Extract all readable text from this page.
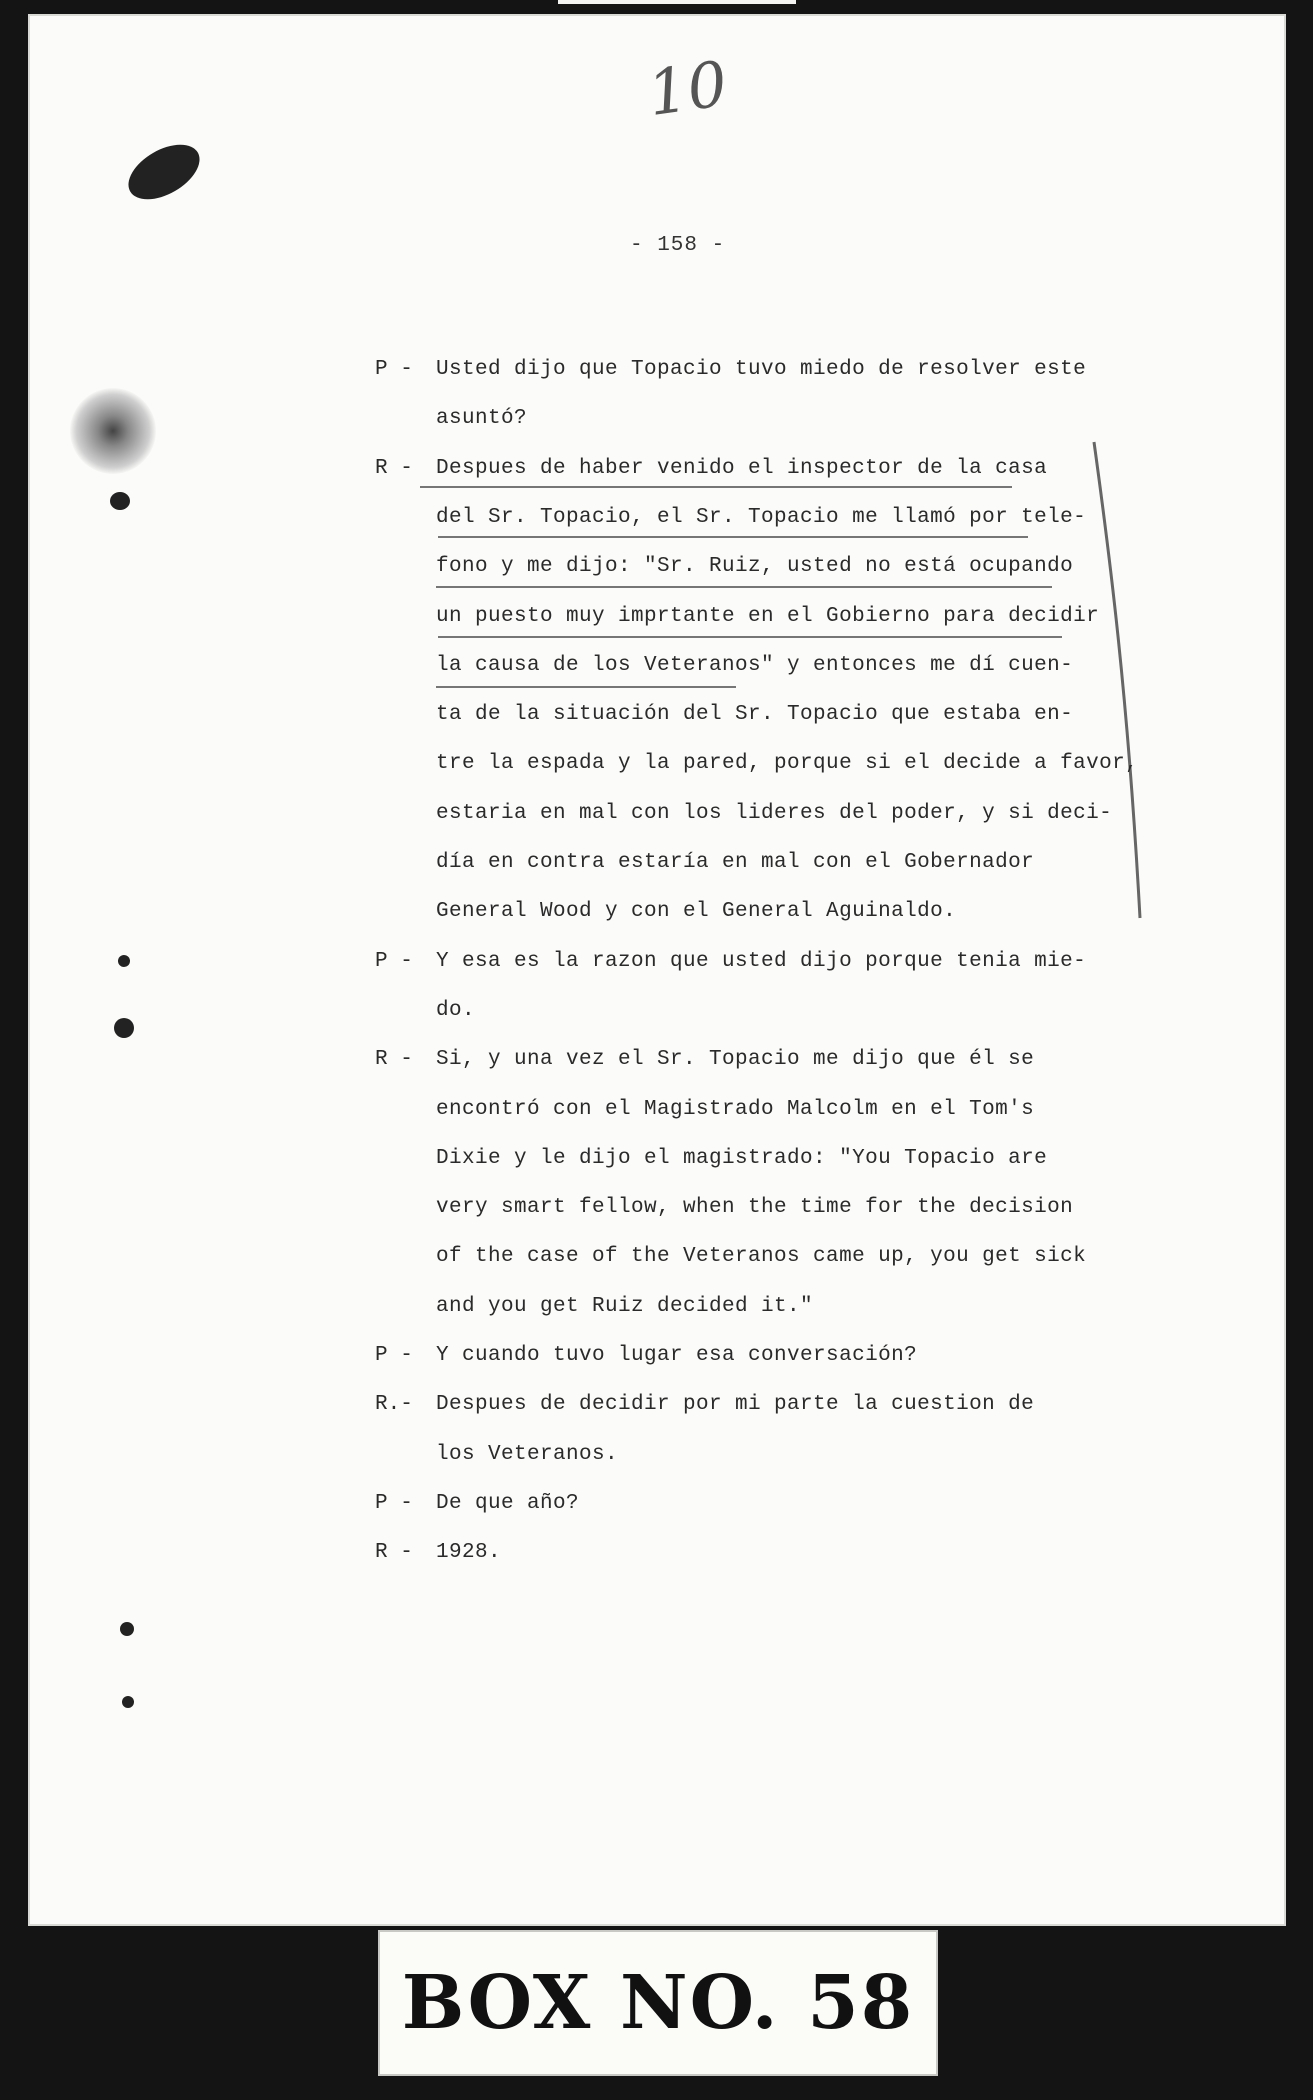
10
- 158 -
P - Usted dijo que Topacio tuvo miedo de resolver este
asuntó?
R - Despues de haber venido el inspector de la casa
del Sr. Topacio, el Sr. Topacio me llamó por tele-
fono y me dijo: "Sr. Ruiz, usted no está ocupando
un puesto muy imprtante en el Gobierno para decidir
la causa de los Veteranos" y entonces me dí cuen-
ta de la situación del Sr. Topacio que estaba en-
tre la espada y la pared, porque si el decide a favor,
estaria en mal con los lideres del poder, y si deci-
día en contra estaría en mal con el Gobernador
General Wood y con el General Aguinaldo.
P - Y esa es la razon que usted dijo porque tenia mie-
do.
R - Si, y una vez el Sr. Topacio me dijo que él se
encontró con el Magistrado Malcolm en el Tom's
Dixie y le dijo el magistrado: "You Topacio are
very smart fellow, when the time for the decision
of the case of the Veteranos came up, you get sick
and you get Ruiz decided it."
P - Y cuando tuvo lugar esa conversación?
R.- Despues de decidir por mi parte la cuestion de
los Veteranos.
P - De que año?
R - 1928.
BOX NO. 58
